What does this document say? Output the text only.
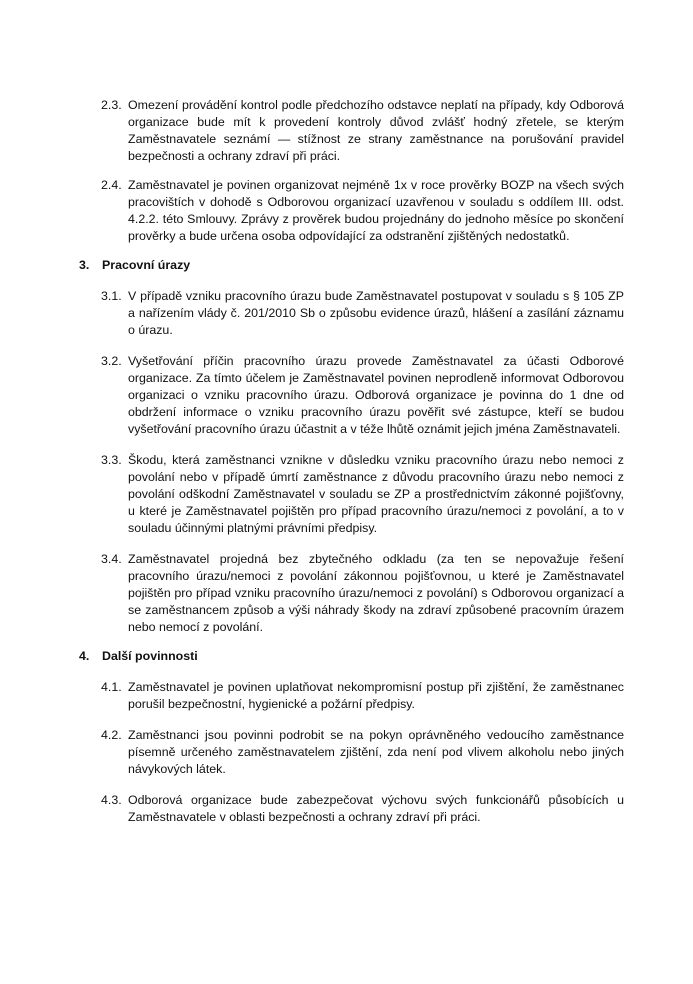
2.3. Omezení provádění kontrol podle předchozího odstavce neplatí na případy, kdy Odborová organizace bude mít k provedení kontroly důvod zvlášť hodný zřetele, se kterým Zaměstnavatele seznámí — stížnost ze strany zaměstnance na porušování pravidel bezpečnosti a ochrany zdraví při práci.
2.4. Zaměstnavatel je povinen organizovat nejméně 1x v roce prověrky BOZP na všech svých pracovištích v dohodě s Odborovou organizací uzavřenou v souladu s oddílem III. odst. 4.2.2. této Smlouvy. Zprávy z prověrek budou projednány do jednoho měsíce po skončení prověrky a bude určena osoba odpovídající za odstranění zjištěných nedostatků.
3. Pracovní úrazy
3.1. V případě vzniku pracovního úrazu bude Zaměstnavatel postupovat v souladu s § 105 ZP a nařízením vlády č. 201/2010 Sb o způsobu evidence úrazů, hlášení a zasílání záznamu o úrazu.
3.2. Vyšetřování příčin pracovního úrazu provede Zaměstnavatel za účasti Odborové organizace. Za tímto účelem je Zaměstnavatel povinen neprodleně informovat Odborovou organizaci o vzniku pracovního úrazu. Odborová organizace je povinna do 1 dne od obdržení informace o vzniku pracovního úrazu pověřit své zástupce, kteří se budou vyšetřování pracovního úrazu účastnit a v téže lhůtě oznámit jejich jména Zaměstnavateli.
3.3. Škodu, která zaměstnanci vznikne v důsledku vzniku pracovního úrazu nebo nemoci z povolání nebo v případě úmrtí zaměstnance z důvodu pracovního úrazu nebo nemoci z povolání odškodní Zaměstnavatel v souladu se ZP a prostřednictvím zákonné pojišťovny, u které je Zaměstnavatel pojištěn pro případ pracovního úrazu/nemoci z povolání, a to v souladu účinnými platnými právními předpisy.
3.4. Zaměstnavatel projedná bez zbytečného odkladu (za ten se nepovažuje řešení pracovního úrazu/nemoci z povolání zákonnou pojišťovnou, u které je Zaměstnavatel pojištěn pro případ vzniku pracovního úrazu/nemoci z povolání) s Odborovou organizací a se zaměstnancem způsob a výši náhrady škody na zdraví způsobené pracovním úrazem nebo nemocí z povolání.
4. Další povinnosti
4.1. Zaměstnavatel je povinen uplatňovat nekompromisní postup při zjištění, že zaměstnanec porušil bezpečnostní, hygienické a požární předpisy.
4.2. Zaměstnanci jsou povinni podrobit se na pokyn oprávněného vedoucího zaměstnance písemně určeného zaměstnavatelem zjištění, zda není pod vlivem alkoholu nebo jiných návykových látek.
4.3. Odborová organizace bude zabezpečovat výchovu svých funkcionářů působících u Zaměstnavatele v oblasti bezpečnosti a ochrany zdraví při práci.
